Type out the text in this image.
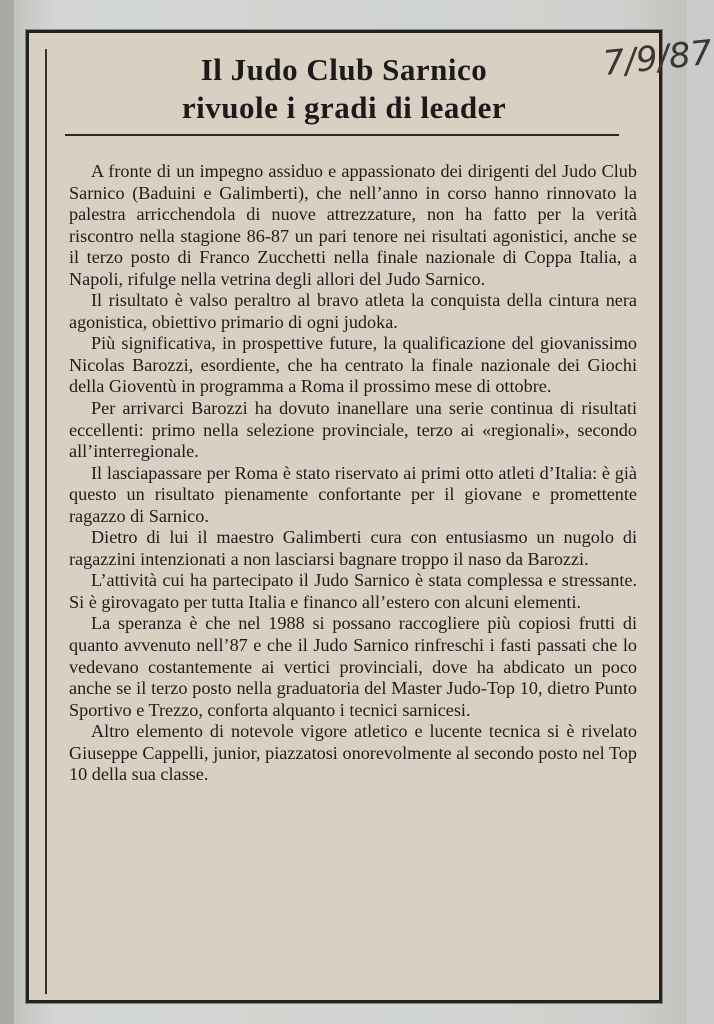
Il Judo Club Sarnico
rivuole i gradi di leader
7/9/87

A fronte di un impegno assiduo e appassionato dei dirigenti del Judo Club Sarnico (Baduini e Galimberti), che nell’anno in corso hanno rinnovato la palestra arricchendola di nuove attrezzature, non ha fatto per la verità riscontro nella stagione 86-87 un pari tenore nei risultati agonistici, anche se il terzo posto di Franco Zucchetti nella finale nazionale di Coppa Italia, a Napoli, rifulge nella vetrina degli allori del Judo Sarnico.

Il risultato è valso peraltro al bravo atleta la conquista della cintura nera agonistica, obiettivo primario di ogni judoka.

Più significativa, in prospettive future, la qualificazione del giovanissimo Nicolas Barozzi, esordiente, che ha centrato la finale nazionale dei Giochi della Gioventù in programma a Roma il prossimo mese di ottobre.

Per arrivarci Barozzi ha dovuto inanellare una serie continua di risultati eccellenti: primo nella selezione provinciale, terzo ai «regionali», secondo all’interregionale.

Il lasciapassare per Roma è stato riservato ai primi otto atleti d’Italia: è già questo un risultato pienamente confortante per il giovane e promettente ragazzo di Sarnico.

Dietro di lui il maestro Galimberti cura con entusiasmo un nugolo di ragazzini intenzionati a non lasciarsi bagnare troppo il naso da Barozzi.

L’attività cui ha partecipato il Judo Sarnico è stata complessa e stressante. Si è girovagato per tutta Italia e financo all’estero con alcuni elementi.

La speranza è che nel 1988 si possano raccogliere più copiosi frutti di quanto avvenuto nell’87 e che il Judo Sarnico rinfreschi i fasti passati che lo vedevano costantemente ai vertici provinciali, dove ha abdicato un poco anche se il terzo posto nella graduatoria del Master Judo-Top 10, dietro Punto Sportivo e Trezzo, conforta alquanto i tecnici sarnicesi.

Altro elemento di notevole vigore atletico e lucente tecnica si è rivelato Giuseppe Cappelli, junior, piazzatosi onorevolmente al secondo posto nel Top 10 della sua classe.
